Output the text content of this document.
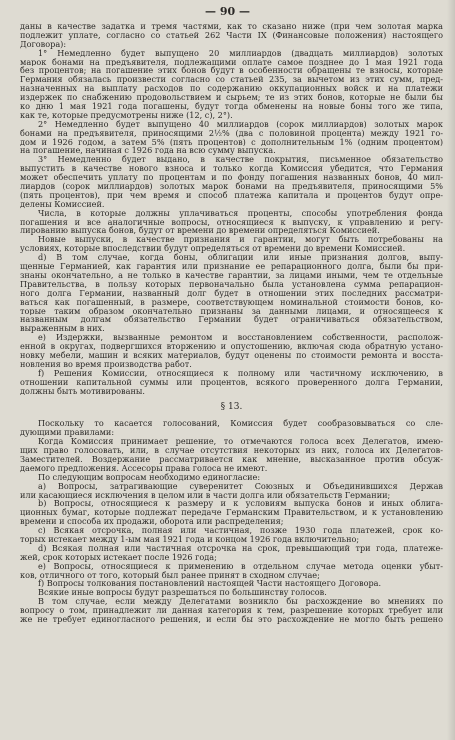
— 90 —
даны в качестве задатка и тремя частями, как то сказано ниже (при чем золотая марка
подлежит уплате, согласно со статьей 262 Части IX (Финансовые положения) настоящего
Договора):
1° Немедленно будет выпущено 20 миллиардов (двадцать миллиардов) золотых
марок бонами на предъявителя, подлежащими оплате самое позднее до 1 мая 1921 года
без процентов; на погашение этих бонов будут в особенности обращены те взносы, которые
Германия обязалась произвести согласно со статьей 235, за вычетом из этих сумм, пред-
назначенных на выплату расходов по содержанию оккупационных войск и на платежи
издержек по снабжению продовольствием и сырьем; те из этих бонов, которые не были бы
ко дню 1 мая 1921 года погашены, будут тогда обменены на новые боны того же типа,
как те, которые предусмотрены ниже (12, с), 2°).
2° Немедленно будет выпущено 40 миллиардов (сорок миллиардов) золотых марок
бонами на предъявителя, приносящими 2½% (два с половиной процента) между 1921 го-
дом и 1926 годом, а затем 5% (пять процентов) с дополнительным 1% (одним процентом)
на погашение, начиная с 1926 года на всю сумму выпуска.
3° Немедленно будет выдано, в качестве покрытия, письменное обязательство
выпустить в качестве нового взноса и только когда Комиссия убедится, что Германия
может обеспечить уплату по процентам и по фонду погашения названных бонов, 40 мил-
лиардов (сорок миллиардов) золотых марок бонами на предъявителя, приносящими 5%
(пять процентов), при чем время и способ платежа капитала и процентов будут опре-
делены Комиссией.
Числа, в которые должны уплачиваться проценты, способы употребления фонда
погашения и все аналогичные вопросы, относящиеся к выпуску, к управлению и регу-
лированию выпуска бонов, будут от времени до времени определяться Комиссией.
Новые выпуски, в качестве признания и гарантии, могут быть потребованы на
условиях, которые впоследствии будут определяться от времени до времени Комиссией.
d) В том случае, когда боны, облигации или иные признания долгов, выпу-
щенные Германией, как гарантия или признание ее репарационного долга, были бы при-
знаны окончательно, а не только в качестве гарантии, за лицами иными, чем те отдельные
Правительства, в пользу которых первоначально была установлена сумма репарацион-
ного долга Германии, названный долг будет в отношении этих последних рассматри-
ваться как погашенный, в размере, соответствующем номинальной стоимости бонов, ко-
торые таким образом окончательно признаны за данными лицами, и относящееся к
названным долгам обязательство Германии будет ограничиваться обязательством,
выраженным в них.
e) Издержки, вызванные ремонтом и восстановлением собственности, располож-
енной в округах, подвергшихся вторжению и опустошению, включая сюда обратную устано-
новку мебели, машин и всяких материалов, будут оценены по стоимости ремонта и восста-
новления во время производства работ.
f) Решения Комиссии, относящиеся к полному или частичному исключению, в
отношении капитальной суммы или процентов, всякого проверенного долга Германии,
должны быть мотивированы.
§ 13.
Поскольку то касается голосований, Комиссия будет сообразовываться со сле-
дующими правилами:
Когда Комиссия принимает решение, то отмечаются голоса всех Делегатов, имею-
щих право голосовать, или, в случае отсутствия некоторых из них, голоса их Делегатов-
Заместителей. Воздержание рассматривается как мнение, высказанное против обсуж-
даемого предложения. Ассесоры права голоса не имеют.
По следующим вопросам необходимо единогласие:
a) Вопросы, затрагивающие суверенитет Союзных и Объединившихся Держав
или касающиеся исключения в целом или в части долга или обязательств Германии;
b) Вопросы, относящиеся к размеру и к условиям выпуска бонов и иных облига-
ционных бумаг, которые подлежат передаче Германским Правительством, и к установлению
времени и способа их продажи, оборота или распределения;
c) Всякая отсрочка, полная или частичная, позже 1930 года платежей, срок ко-
торых истекает между 1-ым мая 1921 года и концом 1926 года включительно;
d) Всякая полная или частичная отсрочка на срок, превышающий три года, платеже-
жей, срок которых истекает после 1926 года;
e) Вопросы, относящиеся к применению в отдельном случае метода оценки убыт-
ков, отличного от того, который был ранее принят в сходном случае;
f) Вопросы толкования постановлений настоящей Части настоящего Договора.
Всякие иные вопросы будут разрешаться по большинству голосов.
В том случае, если между Делегатами возникло бы расхождение во мнениях по
вопросу о том, принадлежит ли данная категория к тем, разрешение которых требует или
же не требует единогласного решения, и если бы это расхождение не могло быть решено
